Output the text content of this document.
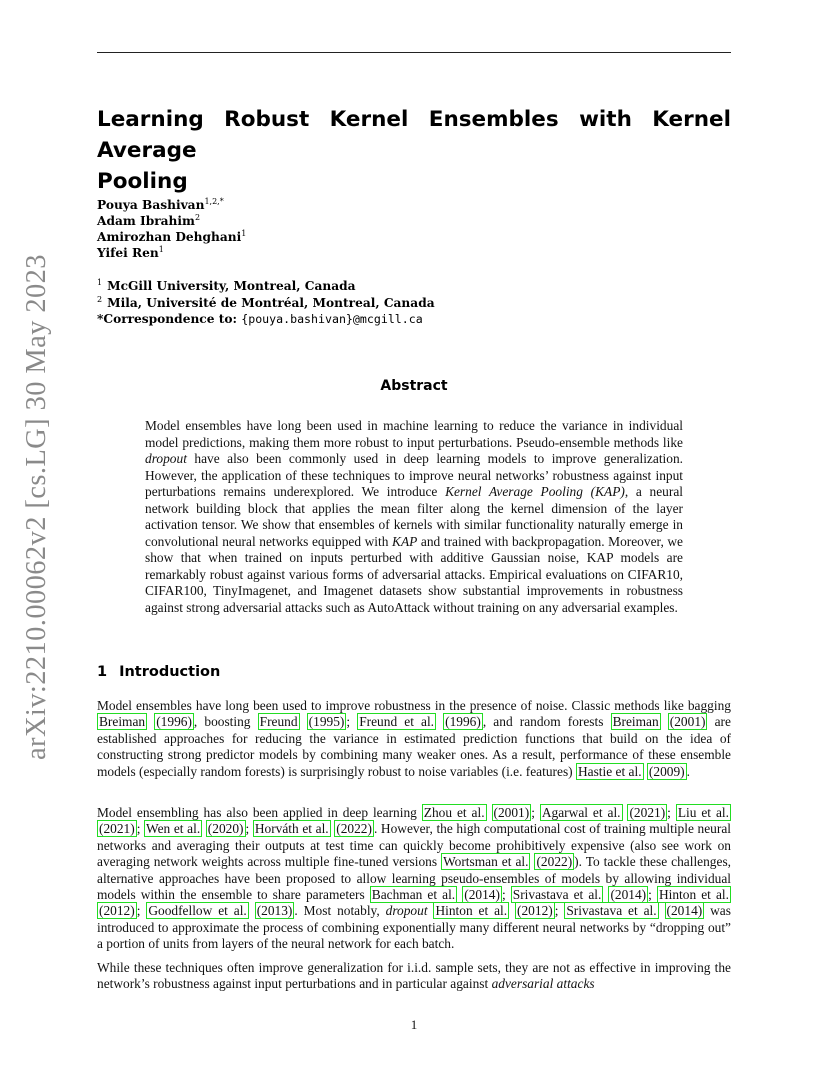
arXiv:2210.00062v2 [cs.LG] 30 May 2023
Learning Robust Kernel Ensembles with Kernel Average
Pooling
Pouya Bashivan$^{1,2,*}$
Adam Ibrahim$^2$
Amirozhan Dehghani$^1$
Yifei Ren$^1$
$^1$ McGill University, Montreal, Canada
$^2$ Mila, Université de Montréal, Montreal, Canada
*Correspondence to: {pouya.bashivan}@mcgill.ca
Abstract
Model ensembles have long been used in machine learning to reduce the variance in individual model predictions, making them more robust to input perturbations. Pseudo-ensemble methods like dropout have also been commonly used in deep learning models to improve generalization. However, the application of these techniques to improve neural networks’ robustness against input perturbations remains underexplored. We introduce Kernel Average Pooling (KAP), a neural network building block that applies the mean filter along the kernel dimension of the layer activation tensor. We show that ensembles of kernels with similar functionality naturally emerge in convolutional neural networks equipped with KAP and trained with backpropagation. Moreover, we show that when trained on inputs perturbed with additive Gaussian noise, KAP models are remarkably robust against various forms of adversarial attacks. Empirical evaluations on CIFAR10, CIFAR100, TinyImagenet, and Imagenet datasets show substantial improvements in robustness against strong adversarial attacks such as AutoAttack without training on any adversarial examples.
1 Introduction
Model ensembles have long been used to improve robustness in the presence of noise. Classic methods like bagging Breiman (1996) , boosting Freund (1995) ; Freund et al. (1996) , and random forests Breiman (2001) are established approaches for reducing the variance in estimated prediction functions that build on the idea of constructing strong predictor models by combining many weaker ones. As a result, performance of these ensemble models (especially random forests) is surprisingly robust to noise variables (i.e. features) Hastie et al. (2009) .
Model ensembling has also been applied in deep learning Zhou et al. (2001) ; Agarwal et al. (2021) ; Liu et al. (2021) ; Wen et al. (2020) ; Horváth et al. (2022) . However, the high computational cost of training multiple neural networks and averaging their outputs at test time can quickly become prohibitively expensive (also see work on averaging network weights across multiple fine-tuned versions Wortsman et al. (2022) ). To tackle these challenges, alternative approaches have been proposed to allow learning pseudo-ensembles of models by allowing individual models within the ensemble to share parameters Bachman et al. (2014) ; Srivastava et al. (2014) ; Hinton et al. (2012) ; Goodfellow et al. (2013) . Most notably, dropout Hinton et al. (2012) ; Srivastava et al. (2014) was introduced to approximate the process of combining exponentially many different neural networks by “dropping out” a portion of units from layers of the neural network for each batch.
While these techniques often improve generalization for i.i.d. sample sets, they are not as effective in improving the network’s robustness against input perturbations and in particular against adversarial attacks
1
